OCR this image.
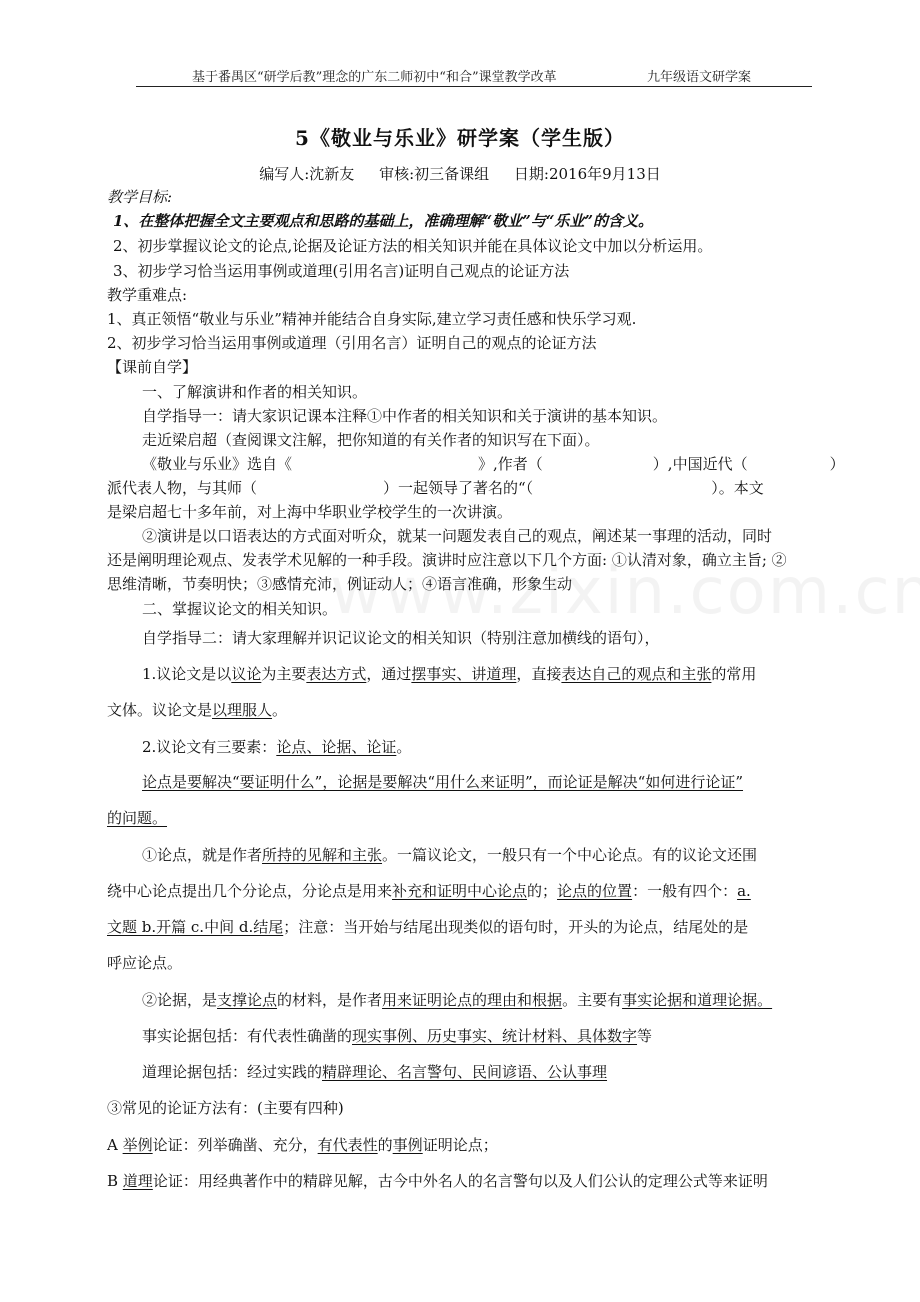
基于番禺区“研学后教”理念的广东二师初中“和合”课堂教学改革	九年级语文研学案
5《敬业与乐业》研学案（学生版）
编写人:沈新友 审核:初三备课组 日期:2016年9月13日
教学目标:
1、在整体把握全文主要观点和思路的基础上，准确理解“敬业”与“乐业”的含义。
2、初步掌握议论文的论点,论据及论证方法的相关知识并能在具体议论文中加以分析运用。
3、初步学习恰当运用事例或道理(引用名言)证明自己观点的论证方法
教学重难点:
1、真正领悟“敬业与乐业”精神并能结合自身实际,建立学习责任感和快乐学习观.
2、初步学习恰当运用事例或道理（引用名言）证明自己的观点的论证方法
【课前自学】
一、了解演讲和作者的相关知识。
自学指导一：请大家识记课本注释①中作者的相关知识和关于演讲的基本知识。
走近梁启超（查阅课文注解，把你知道的有关作者的知识写在下面）。
《敬业与乐业》选自《	》,作者（	）,中国近代（	）
派代表人物，与其师（	）一起领导了著名的“（	）。本文
是梁启超七十多年前，对上海中华职业学校学生的一次讲演。
②演讲是以口语表达的方式面对听众，就某一问题发表自己的观点，阐述某一事理的活动，同时
还是阐明理论观点、发表学术见解的一种手段。演讲时应注意以下几个方面: ①认清对象，确立主旨; ②
思维清晰，节奏明快；③感情充沛，例证动人；④语言准确，形象生动
二、掌握议论文的相关知识。
自学指导二：请大家理解并识记议论文的相关知识（特别注意加横线的语句），
1.议论文是以议论为主要表达方式，通过摆事实、讲道理，直接表达自己的观点和主张的常用
文体。议论文是以理服人。
2.议论文有三要素：论点、论据、论证。
论点是要解决“要证明什么”，论据是要解决“用什么来证明”，而论证是解决“如何进行论证”
的问题。
①论点，就是作者所持的见解和主张。一篇议论文，一般只有一个中心论点。有的议论文还围
绕中心论点提出几个分论点，分论点是用来补充和证明中心论点的；论点的位置：一般有四个：a.
文题 b.开篇 c.中间 d.结尾；注意：当开始与结尾出现类似的语句时，开头的为论点，结尾处的是
呼应论点。
②论据，是支撑论点的材料，是作者用来证明论点的理由和根据。主要有事实论据和道理论据。
事实论据包括：有代表性确凿的现实事例、历史事实、统计材料、具体数字等
道理论据包括：经过实践的精辟理论、名言警句、民间谚语、公认事理
③常见的论证方法有：(主要有四种)
A 举例论证：列举确凿、充分，有代表性的事例证明论点；
B 道理论证：用经典著作中的精辟见解，古今中外名人的名言警句以及人们公认的定理公式等来证明
